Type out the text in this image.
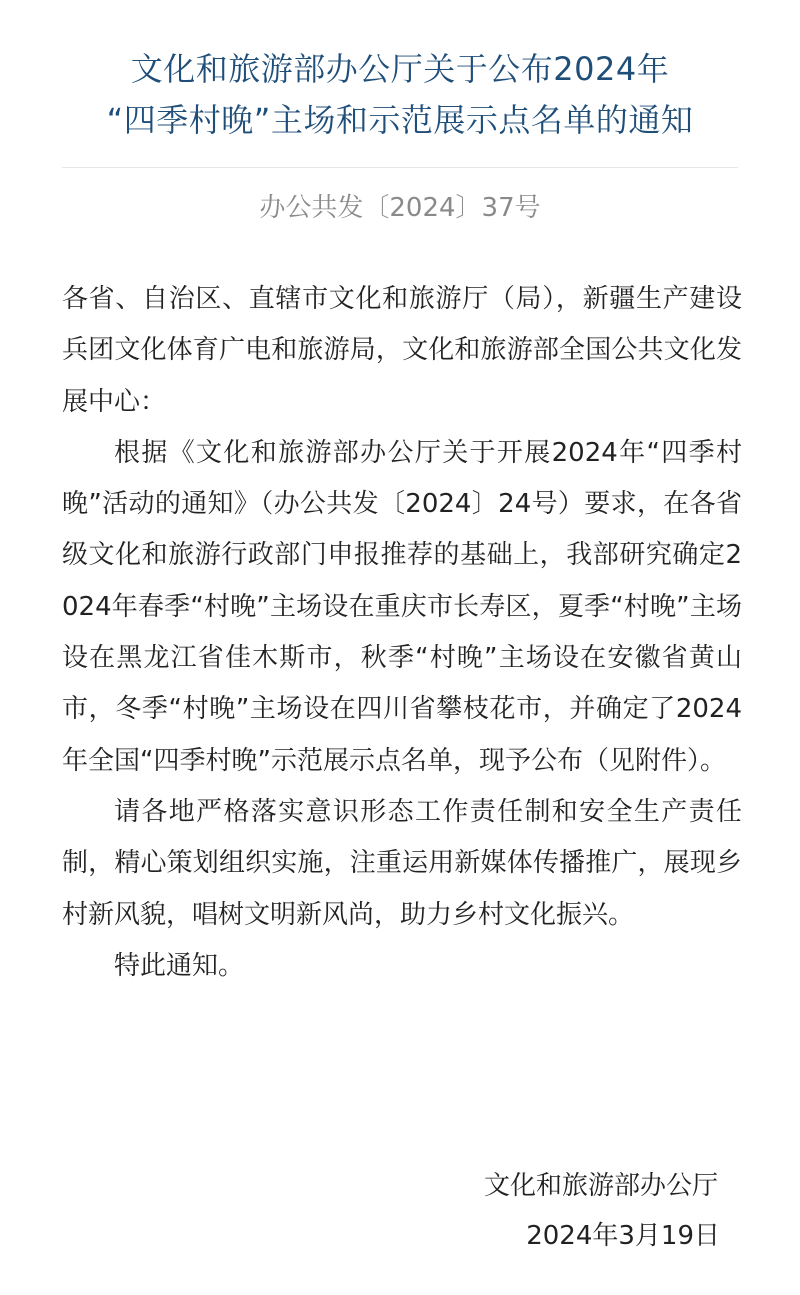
文化和旅游部办公厅关于公布2024年
“四季村晚”主场和示范展示点名单的通知
办公共发〔2024〕37号

各省、自治区、直辖市文化和旅游厅（局），新疆生产建设兵团文化体育广电和旅游局，文化和旅游部全国公共文化发展中心：

根据《文化和旅游部办公厅关于开展2024年“四季村晚”活动的通知》（办公共发〔2024〕24号）要求，在各省级文化和旅游行政部门申报推荐的基础上，我部研究确定2024年春季“村晚”主场设在重庆市长寿区，夏季“村晚”主场设在黑龙江省佳木斯市，秋季“村晚”主场设在安徽省黄山市，冬季“村晚”主场设在四川省攀枝花市，并确定了2024年全国“四季村晚”示范展示点名单，现予公布（见附件）。

请各地严格落实意识形态工作责任制和安全生产责任制，精心策划组织实施，注重运用新媒体传播推广，展现乡村新风貌，唱树文明新风尚，助力乡村文化振兴。

特此通知。

文化和旅游部办公厅
2024年3月19日
